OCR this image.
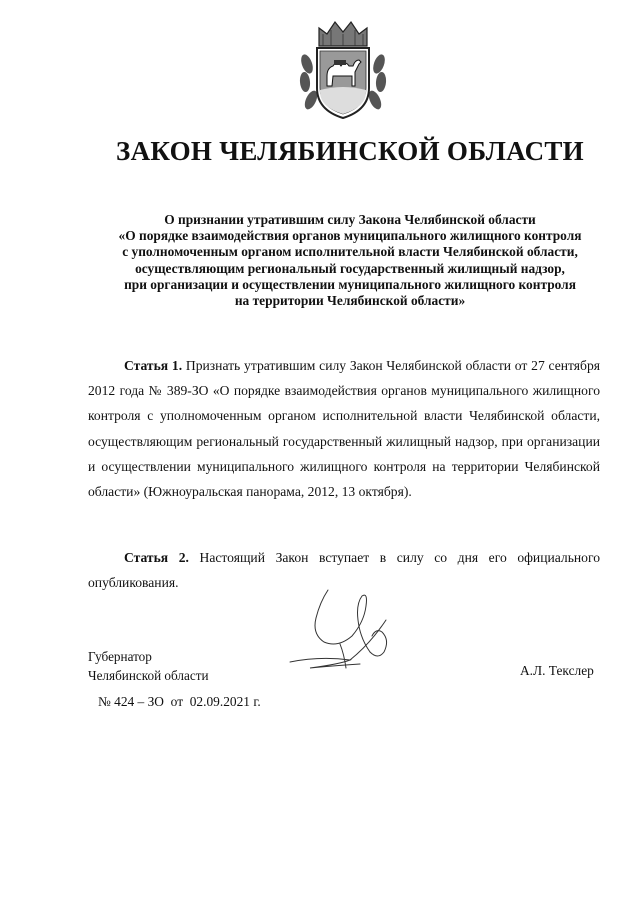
ЗАКОН ЧЕЛЯБИНСКОЙ ОБЛАСТИ
О признании утратившим силу Закона Челябинской области
«О порядке взаимодействия органов муниципального жилищного контроля
с уполномоченным органом исполнительной власти Челябинской области,
осуществляющим региональный государственный жилищный надзор,
при организации и осуществлении муниципального жилищного контроля
на территории Челябинской области»

Статья 1. Признать утратившим силу Закон Челябинской области от 27 сентября 2012 года № 389-ЗО «О порядке взаимодействия органов муниципального жилищного контроля с уполномоченным органом исполнительной власти Челябинской области, осуществляющим региональный государственный жилищный надзор, при организации и осуществлении муниципального жилищного контроля на территории Челябинской области» (Южноуральская панорама, 2012, 13 октября).

Статья 2. Настоящий Закон вступает в силу со дня его официального опубликования.

Губернатор
Челябинской области	А.Л. Текслер
№ 424 – ЗО  от  02.09.2021 г.
